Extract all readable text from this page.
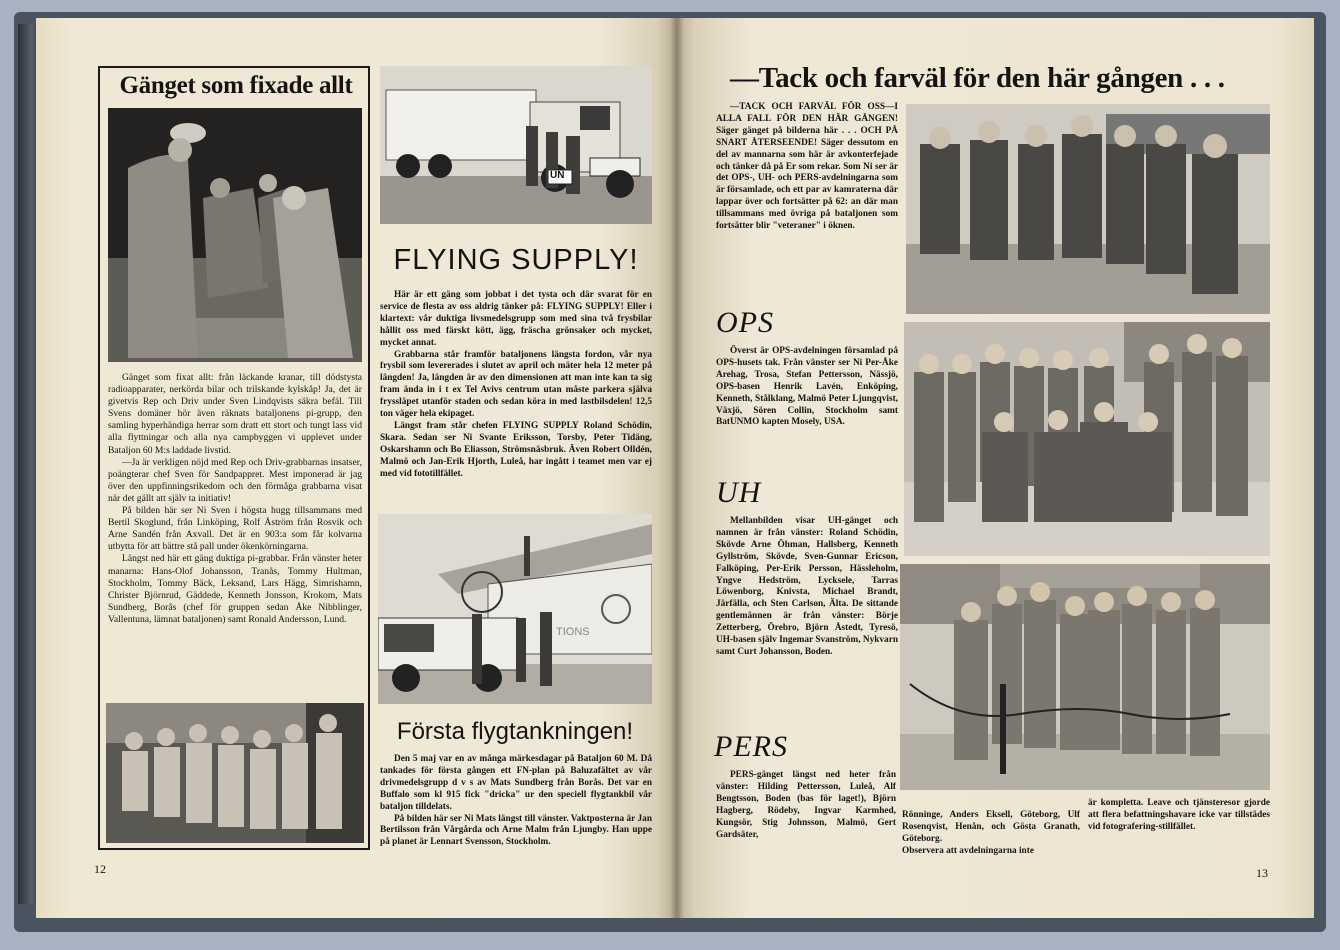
Gänget som fixade allt

Gänget som fixat allt: från läckande kranar, till dödstysta radioapparater, nerkörda bilar och trilskande kylskåp! Ja, det är givetvis Rep och Driv under Sven Lindqvists säkra befäl. Till Svens domäner hör även räknats bataljonens pi-grupp, den samling hyperhändiga herrar som dratt ett stort och tungt lass vid alla flyttningar och alla nya campbyggen vi upplevet under Bataljon 60 M:s laddade livstid.

—Ja är verkligen nöjd med Rep och Driv-grabbarnas insatser, poängterar chef Sven för Sandpappret. Mest imponerad är jag över den uppfinningsrikedom och den förmåga grabbarna visat när det gällt att själv ta initiativ!

På bilden här ser Ni Sven i högsta hugg tillsammans med Bertil Skoglund, från Linköping, Rolf Åström från Rosvik och Arne Sandén från Axvall. Det är en 903:a som får kolvarna utbytta för att bättre stå pall under ökenkörningarna.

Längst ned här ett gäng duktiga pi-grabbar. Från vänster heter manarna: Hans-Olof Johansson, Tranås, Tommy Hultman, Stockholm, Tommy Bäck, Leksand, Lars Hägg, Simrishamn, Christer Björnrud, Gäddede, Kenneth Jonsson, Krokom, Mats Sundberg, Borås (chef för gruppen sedan Åke Nibblinger, Vallentuna, lämnat bataljonen) samt Ronald Andersson, Lund.

UN
FLYING SUPPLY!

Här är ett gäng som jobbat i det tysta och där svarat för en service de flesta av oss aldrig tänker på: FLYING SUPPLY! Eller i klartext: vår duktiga livsmedelsgrupp som med sina två frysbilar hållit oss med färskt kött, ägg, fräscha grönsaker och mycket, mycket annat.

Grabbarna står framför bataljonens längsta fordon, vår nya frysbil som levererades i slutet av april och mäter hela 12 meter på längden! Ja, längden är av den dimensionen att man inte kan ta sig fram ända in i t ex Tel Avivs centrum utan måste parkera själva fryssläpet utanför staden och sedan köra in med lastbilsdelen! 12,5 ton väger hela ekipaget.

Längst fram står chefen FLYING SUPPLY Roland Schödin, Skara. Sedan ser Ni Svante Eriksson, Torsby, Peter Tidäng, Oskarshamn och Bo Eliasson, Strömsnäsbruk. Även Robert Olldén, Malmö och Jan-Erik Hjorth, Luleå, har ingått i teamet men var ej med vid fototillfället.

TIONS
Första flygtankningen!

Den 5 maj var en av många märkesdagar på Bataljon 60 M. Då tankades för första gången ett FN-plan på Baluzafältet av vår drivmedelsgrupp d v s av Mats Sundberg från Borås. Det var en Buffalo som kl 915 fick "dricka" ur den speciell flygtankbil vår bataljon tilldelats.

På bilden här ser Ni Mats längst till vänster. Vaktposterna är Jan Bertilsson från Vårgårda och Arne Malm från Ljungby. Han uppe på planet är Lennart Svensson, Stockholm.

12
—Tack och farväl för den här gången . . .

—TACK OCH FARVÄL FÖR OSS—I ALLA FALL FÖR DEN HÄR GÅNGEN! Säger gänget på bilderna här . . . OCH PÅ SNART ÅTERSEENDE! Säger dessutom en del av mannarna som här är avkonterfejade och tänker då på Er som rekar. Som Ni ser är det OPS-, UH- och PERS-avdelningarna som är församlade, och ett par av kamraterna där lappar över och fortsätter på 62: an där man tillsammans med övriga på bataljonen som fortsätter blir "veteraner" i öknen.

OPS

Överst är OPS-avdelningen församlad på OPS-husets tak. Från vänster ser Ni Per-Åke Arehag, Trosa, Stefan Pettersson, Nässjö, OPS-basen Henrik Lavén, Enköping, Kenneth, Stålklang, Malmö Peter Ljungqvist, Växjö, Sören Collin, Stockholm samt BatUNMO kapten Mosely, USA.

UH

Mellanbilden visar UH-gänget och namnen är från vänster: Roland Schödin, Skövde Arne Öhman, Hallsberg, Kenneth Gyllström, Skövde, Sven-Gunnar Ericson, Falköping, Per-Erik Persson, Hässleholm, Yngve Hedström, Lycksele, Tarras Löwenborg, Knivsta, Michael Brandt, Järfälla, och Sten Carlson, Älta. De sittande gentlemännen är från vänster: Börje Zetterberg, Örebro, Björn Åstedt, Tyresö, UH-basen själv Ingemar Svanström, Nykvarn samt Curt Johansson, Boden.

PERS

PERS-gänget längst ned heter från vänster: Hilding Pettersson, Luleå, Alf Bengtsson, Boden (bas för laget!), Björn Hagberg, Rödeby, Ingvar Karmhed, Kungsör, Stig Johnsson, Malmö, Gert Gardsäter,

Rönninge, Anders Eksell, Göteborg, Ulf Rosenqvist, Henån, och Gösta Granath, Göteborg.
Observera att avdelningarna inte

är kompletta. Leave och tjänsteresor gjorde att flera befattningshavare icke var tillstädes vid fotografering-stillfället.

13
